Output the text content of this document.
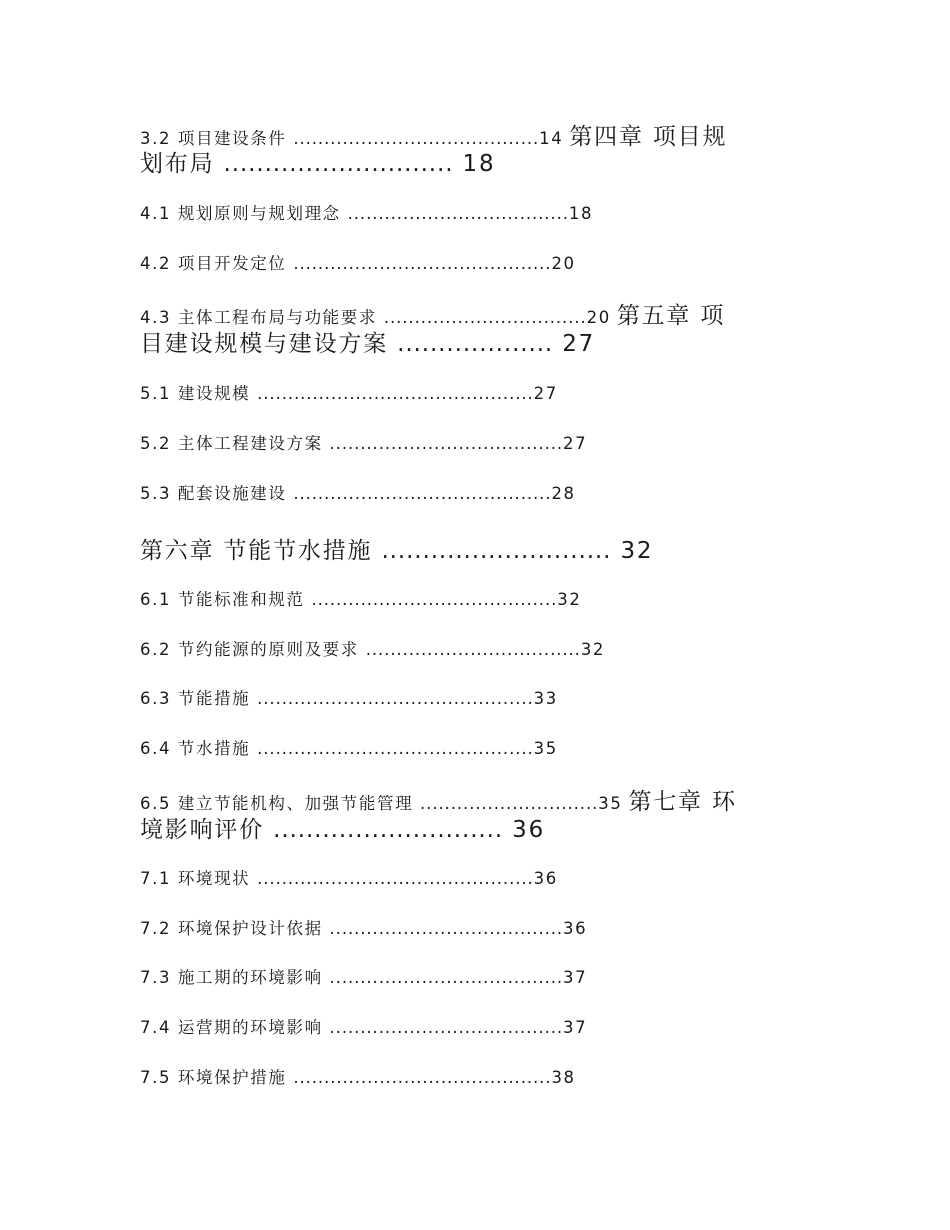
3.2 项目建设条件 ........................................14 第四章 项目规
划布局 ............................ 18
4.1 规划原则与规划理念 ....................................18
4.2 项目开发定位 ..........................................20
4.3 主体工程布局与功能要求 .................................20 第五章 项
目建设规模与建设方案 ................... 27
5.1 建设规模 .............................................27
5.2 主体工程建设方案 ......................................27
5.3 配套设施建设 ..........................................28
第六章 节能节水措施 ............................ 32
6.1 节能标准和规范 ........................................32
6.2 节约能源的原则及要求 ...................................32
6.3 节能措施 .............................................33
6.4 节水措施 .............................................35
6.5 建立节能机构、加强节能管理 .............................35 第七章 环
境影响评价 ............................ 36
7.1 环境现状 .............................................36
7.2 环境保护设计依据 ......................................36
7.3 施工期的环境影响 ......................................37
7.4 运营期的环境影响 ......................................37
7.5 环境保护措施 ..........................................38
